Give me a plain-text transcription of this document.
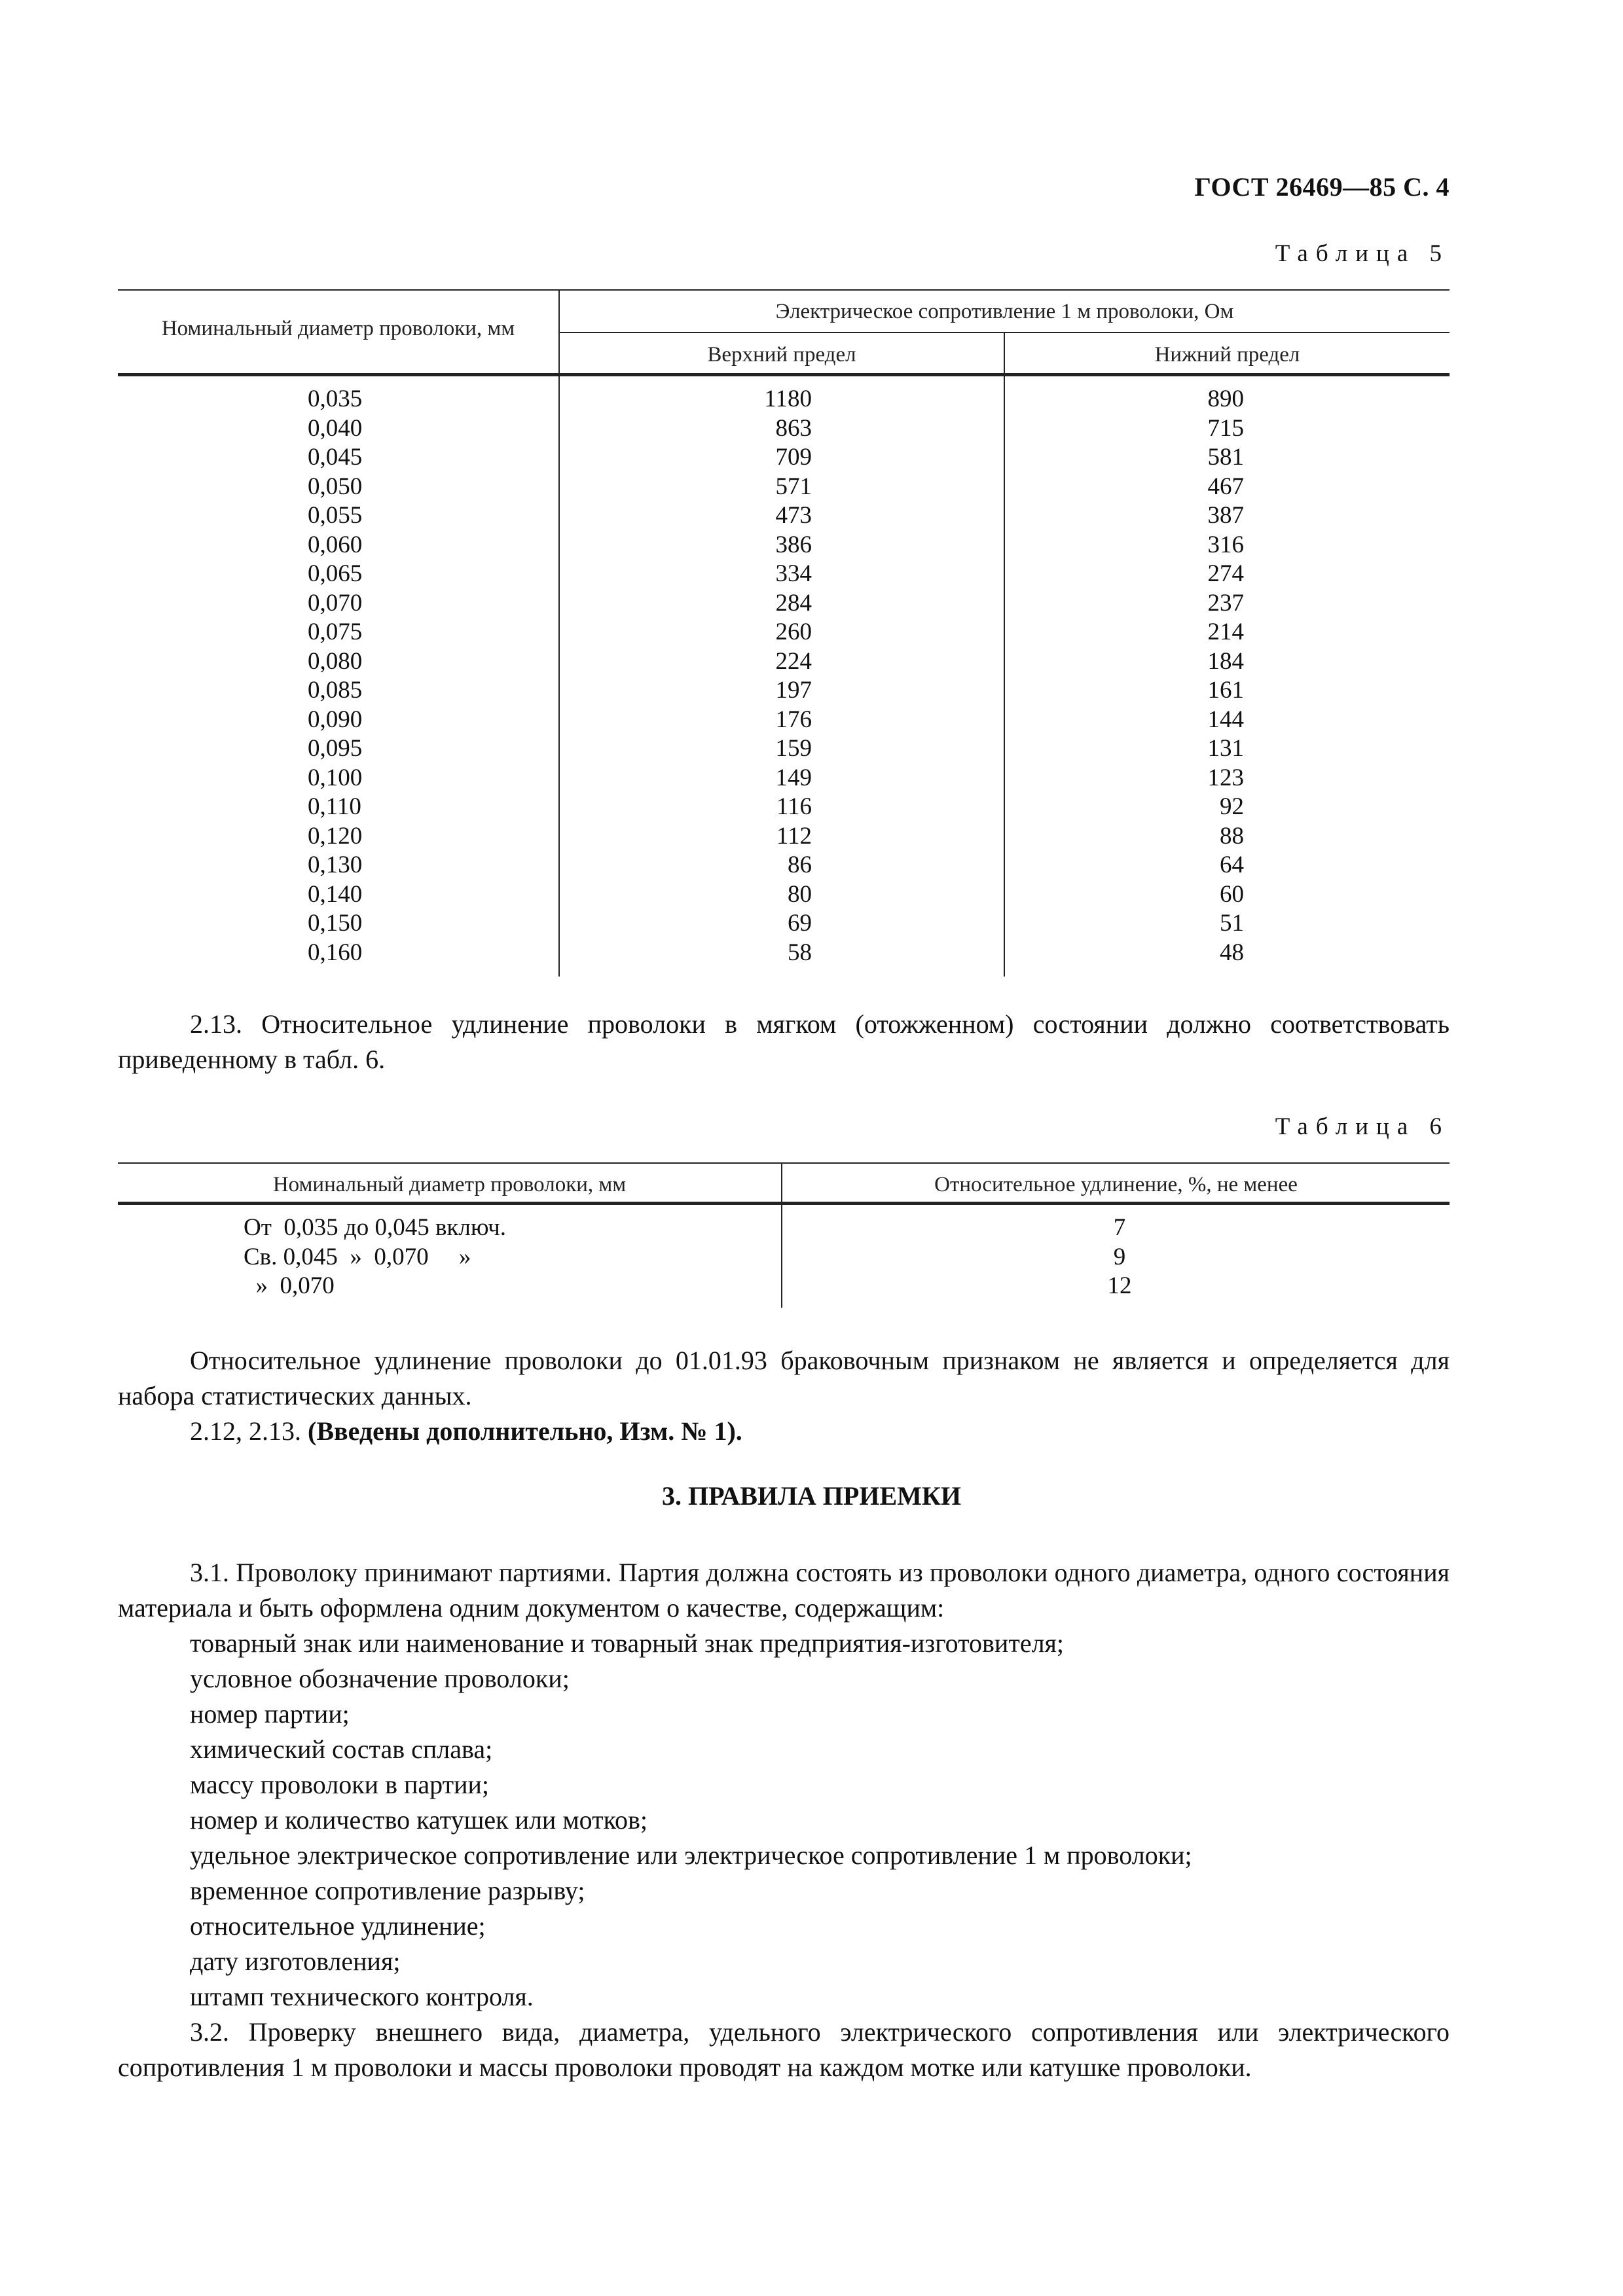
ГОСТ 26469—85 С. 4
Таблица 5
Номинальный диаметр проволоки, мм
Электрическое сопротивление 1 м проволоки, Ом
Верхний предел	Нижний предел
0,035
0,040
0,045
0,050
0,055
0,060
0,065
0,070
0,075
0,080
0,085
0,090
0,095
0,100
0,110
0,120
0,130
0,140
0,150
0,160
1180
863
709
571
473
386
334
284
260
224
197
176
159
149
116
112
86
80
69
58
890
715
581
467
387
316
274
237
214
184
161
144
131
123
92
88
64
60
51
48
2.13. Относительное удлинение проволоки в мягком (отожженном) состоянии должно соответствовать приведенному в табл. 6.
Таблица 6
Номинальный диаметр проволоки, мм	Относительное удлинение, %, не менее
От  0,035 до 0,045 включ.
Св. 0,045  »  0,070     »
»  0,070
7
9
12
Относительное удлинение проволоки до 01.01.93 браковочным признаком не является и определяется для набора статистических данных.
2.12, 2.13. (Введены дополнительно, Изм. № 1).
3. ПРАВИЛА ПРИЕМКИ
3.1. Проволоку принимают партиями. Партия должна состоять из проволоки одного диаметра, одного состояния материала и быть оформлена одним документом о качестве, содержащим:
товарный знак или наименование и товарный знак предприятия-изготовителя;
условное обозначение проволоки;
номер партии;
химический состав сплава;
массу проволоки в партии;
номер и количество катушек или мотков;
удельное электрическое сопротивление или электрическое сопротивление 1 м проволоки;
временное сопротивление разрыву;
относительное удлинение;
дату изготовления;
штамп технического контроля.
3.2. Проверку внешнего вида, диаметра, удельного электрического сопротивления или электрического сопротивления 1 м проволоки и массы проволоки проводят на каждом мотке или катушке проволоки.
